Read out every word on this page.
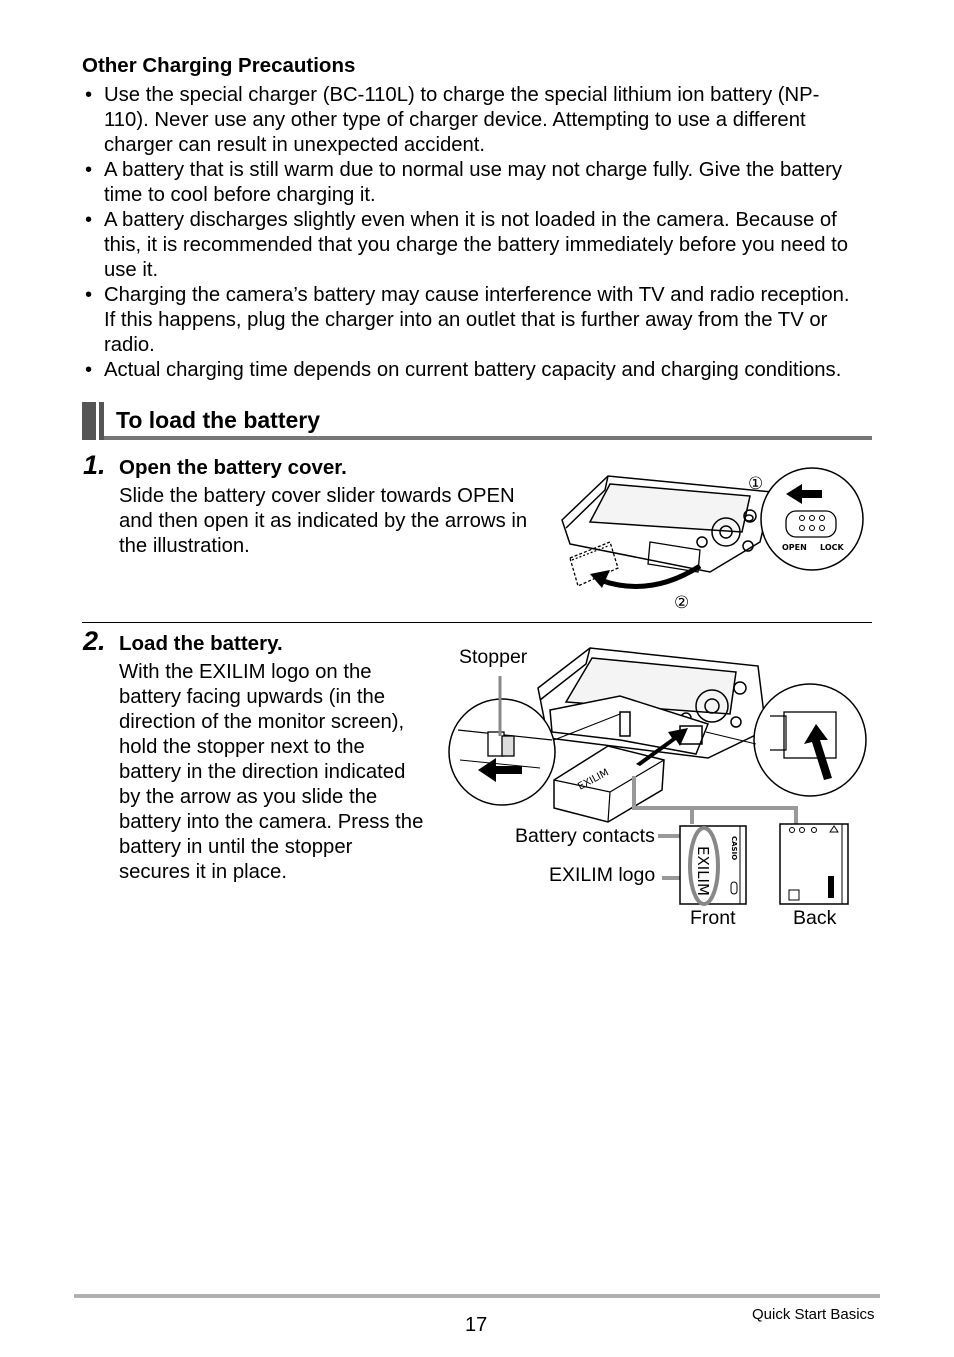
Other Charging Precautions
• Use the special charger (BC-110L) to charge the special lithium ion battery (NP-
110). Never use any other type of charger device. Attempting to use a different
charger can result in unexpected accident.
• A battery that is still warm due to normal use may not charge fully. Give the battery
time to cool before charging it.
• A battery discharges slightly even when it is not loaded in the camera. Because of
this, it is recommended that you charge the battery immediately before you need to
use it.
• Charging the camera’s battery may cause interference with TV and radio reception.
If this happens, plug the charger into an outlet that is further away from the TV or
radio.
• Actual charging time depends on current battery capacity and charging conditions.
To load the battery
1. Open the battery cover.
Slide the battery cover slider towards OPEN
and then open it as indicated by the arrows in
the illustration.	OPEN LOCK
①
②
2. Load the battery.
With the EXILIM logo on the
battery facing upwards (in the
direction of the monitor screen),
hold the stopper next to the
battery in the direction indicated
by the arrow as you slide the
battery into the camera. Press the
battery in until the stopper
secures it in place.
Stopper
Battery contacts
EXILIM logo
Front	Back
EXILIM
EXILIM	CASIO
17	Quick Start Basics
